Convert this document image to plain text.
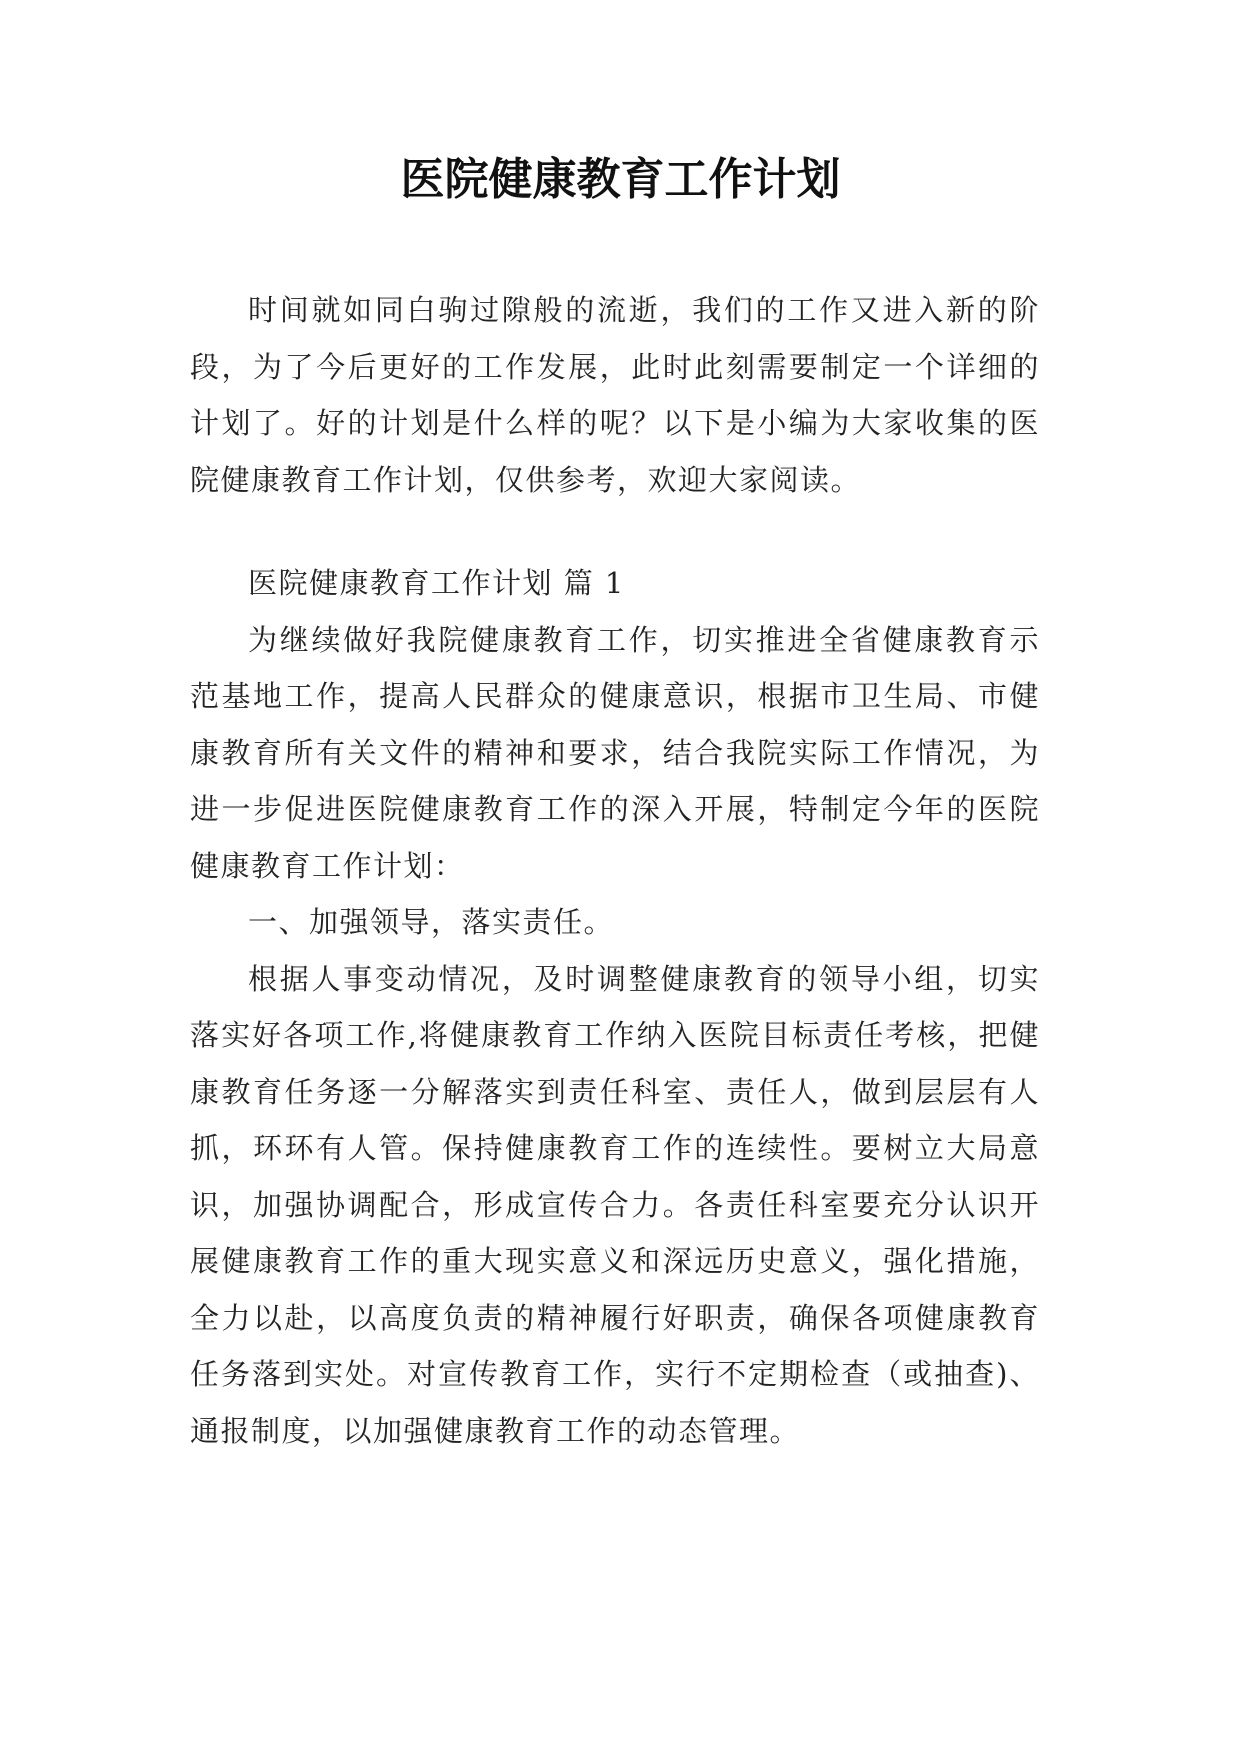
医院健康教育工作计划

时间就如同白驹过隙般的流逝，我们的工作又进入新的阶段，为了今后更好的工作发展，此时此刻需要制定一个详细的计划了。好的计划是什么样的呢？以下是小编为大家收集的医院健康教育工作计划，仅供参考，欢迎大家阅读。

医院健康教育工作计划 篇 1

为继续做好我院健康教育工作，切实推进全省健康教育示范基地工作，提高人民群众的健康意识，根据市卫生局、市健康教育所有关文件的精神和要求，结合我院实际工作情况，为进一步促进医院健康教育工作的深入开展，特制定今年的医院健康教育工作计划：

一、加强领导，落实责任。

根据人事变动情况，及时调整健康教育的领导小组，切实落实好各项工作,将健康教育工作纳入医院目标责任考核，把健康教育任务逐一分解落实到责任科室、责任人，做到层层有人抓，环环有人管。保持健康教育工作的连续性。要树立大局意识，加强协调配合，形成宣传合力。各责任科室要充分认识开展健康教育工作的重大现实意义和深远历史意义，强化措施，全力以赴，以高度负责的精神履行好职责，确保各项健康教育任务落到实处。对宣传教育工作，实行不定期检查（或抽查)、通报制度，以加强健康教育工作的动态管理。
